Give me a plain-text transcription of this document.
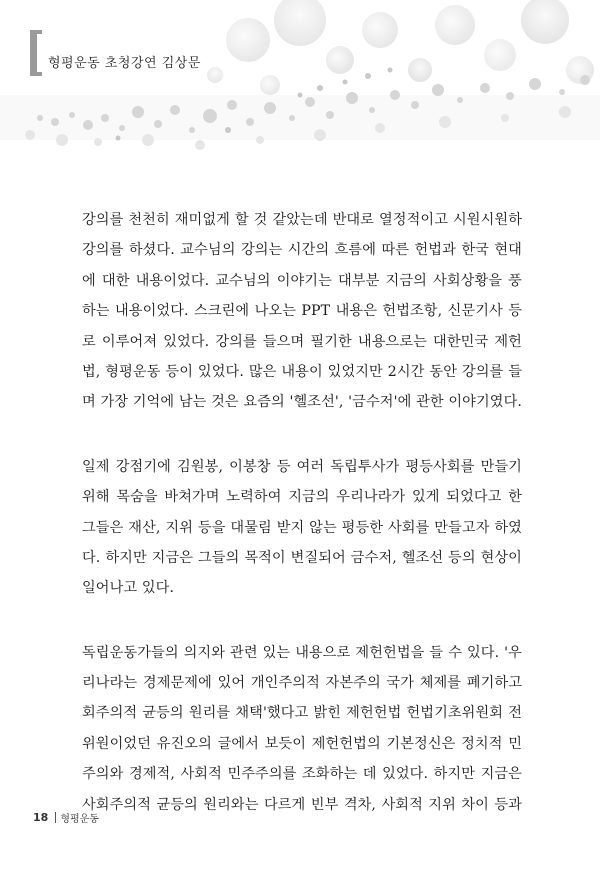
형평운동 초청강연 김상문
강의를 천천히 재미없게 할 것 같았는데 반대로 열정적이고 시원시원하
강의를 하셨다. 교수님의 강의는 시간의 흐름에 따른 헌법과 한국 현대
에 대한 내용이었다. 교수님의 이야기는 대부분 지금의 사회상황을 풍
하는 내용이었다. 스크린에 나오는 PPT 내용은 헌법조항, 신문기사 등
로 이루어져 있었다. 강의를 들으며 필기한 내용으로는 대한민국 제헌
법, 형평운동 등이 있었다. 많은 내용이 있었지만 2시간 동안 강의를 들
며 가장 기억에 남는 것은 요즘의 '헬조선', '금수저'에 관한 이야기였다.
일제 강점기에 김원봉, 이봉창 등 여러 독립투사가 평등사회를 만들기
위해 목숨을 바쳐가며 노력하여 지금의 우리나라가 있게 되었다고 한
그들은 재산, 지위 등을 대물림 받지 않는 평등한 사회를 만들고자 하였
다. 하지만 지금은 그들의 목적이 변질되어 금수저, 헬조선 등의 현상이
일어나고 있다.
독립운동가들의 의지와 관련 있는 내용으로 제헌헌법을 들 수 있다. '우
리나라는 경제문제에 있어 개인주의적 자본주의 국가 체제를 폐기하고
회주의적 균등의 원리를 채택'했다고 밝힌 제헌헌법 헌법기초위원회 전
위원이었던 유진오의 글에서 보듯이 제헌헌법의 기본정신은 정치적 민
주의와 경제적, 사회적 민주주의를 조화하는 데 있었다. 하지만 지금은
사회주의적 균등의 원리와는 다르게 빈부 격차, 사회적 지위 차이 등과
18 형평운동
